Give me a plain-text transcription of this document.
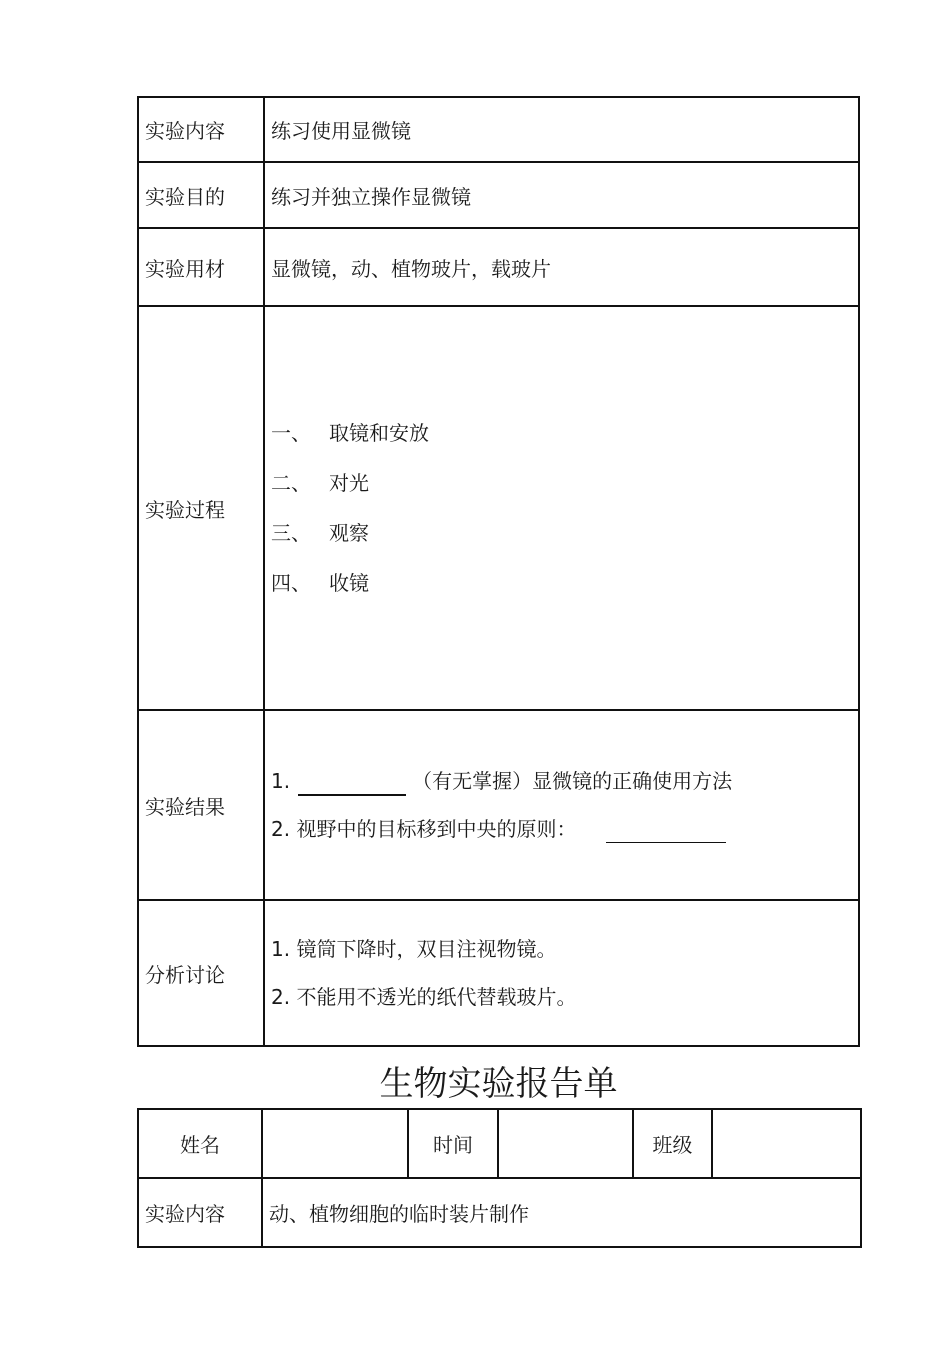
实验内容	练习使用显微镜
实验目的	练习并独立操作显微镜
实验用材	显微镜，动、植物玻片，载玻片
实验过程	一、 取镜和安放
二、 对光
三、 观察
四、 收镜

实验结果	1. （有无掌握）显微镜的正确使用方法
2. 视野中的目标移到中央的原则：

分析讨论	1. 镜筒下降时，双目注视物镜。
2. 不能用不透光的纸代替载玻片。
生物实验报告单
姓名		时间		班级	
实验内容	动、植物细胞的临时装片制作				
